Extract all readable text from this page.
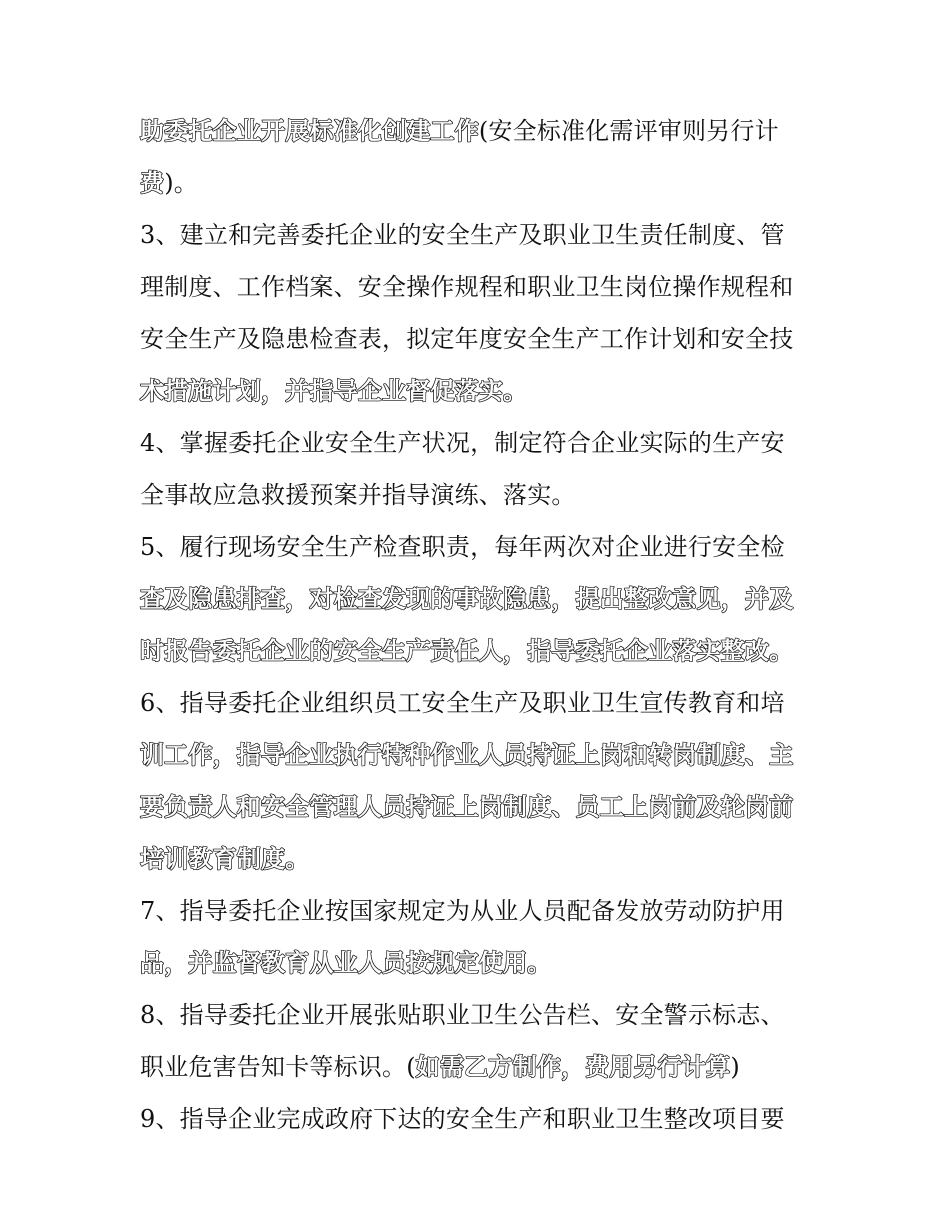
助委托企业开展标准化创建工作(安全标准化需评审则另行计
费)。
3、建立和完善委托企业的安全生产及职业卫生责任制度、管
理制度、工作档案、安全操作规程和职业卫生岗位操作规程和
安全生产及隐患检查表，拟定年度安全生产工作计划和安全技
术措施计划，并指导企业督促落实。
4、掌握委托企业安全生产状况，制定符合企业实际的生产安
全事故应急救援预案并指导演练、落实。
5、履行现场安全生产检查职责，每年两次对企业进行安全检
查及隐患排查，对检查发现的事故隐患，提出整改意见，并及
时报告委托企业的安全生产责任人，指导委托企业落实整改。
6、指导委托企业组织员工安全生产及职业卫生宣传教育和培
训工作，指导企业执行特种作业人员持证上岗和转岗制度、主
要负责人和安全管理人员持证上岗制度、员工上岗前及轮岗前
培训教育制度。
7、指导委托企业按国家规定为从业人员配备发放劳动防护用
品，并监督教育从业人员按规定使用。
8、指导委托企业开展张贴职业卫生公告栏、安全警示标志、
职业危害告知卡等标识。(如需乙方制作，费用另行计算)
9、指导企业完成政府下达的安全生产和职业卫生整改项目要
